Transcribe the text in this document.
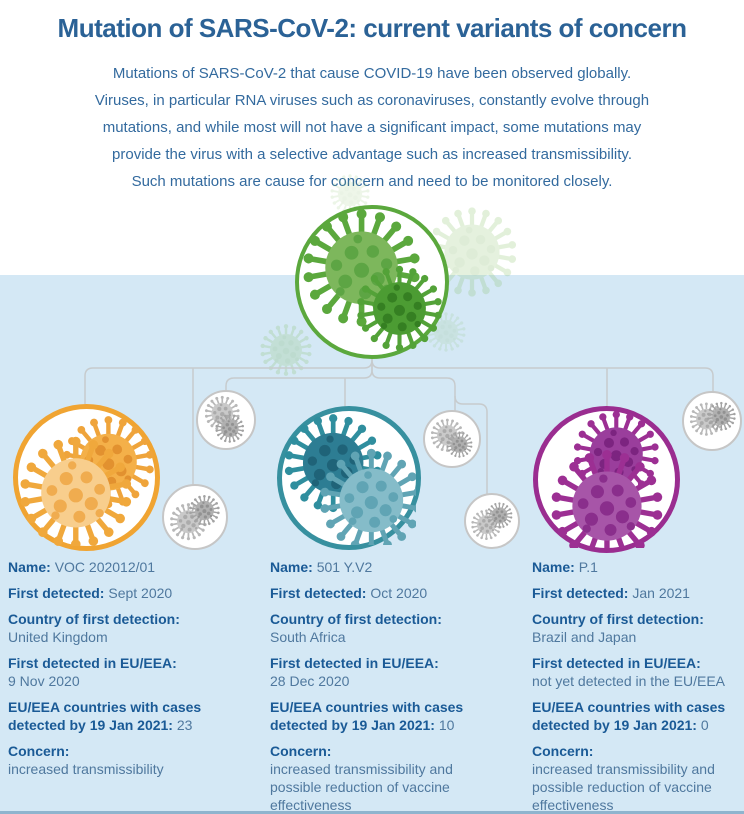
Mutation of SARS-CoV-2: current variants of concern
Mutations of SARS-CoV-2 that cause COVID-19 have been observed globally.
Viruses, in particular RNA viruses such as coronaviruses, constantly evolve through
mutations, and while most will not have a significant impact, some mutations may
provide the virus with a selective advantage such as increased transmissibility.
Such mutations are cause for concern and need to be monitored closely.
Name: VOC 202012/01
First detected: Sept 2020
Country of first detection:
United Kingdom
First detected in EU/EEA:
9 Nov 2020
EU/EEA countries with cases detected by 19 Jan 2021: 23
Concern:
increased transmissibility
Name: 501 Y.V2
First detected: Oct 2020
Country of first detection:
South Africa
First detected in EU/EEA:
28 Dec 2020
EU/EEA countries with cases detected by 19 Jan 2021: 10
Concern:
increased transmissibility and possible reduction of vaccine effectiveness
Name: P.1
First detected: Jan 2021
Country of first detection:
Brazil and Japan
First detected in EU/EEA:
not yet detected in the EU/EEA
EU/EEA countries with cases detected by 19 Jan 2021: 0
Concern:
increased transmissibility and possible reduction of vaccine effectiveness
